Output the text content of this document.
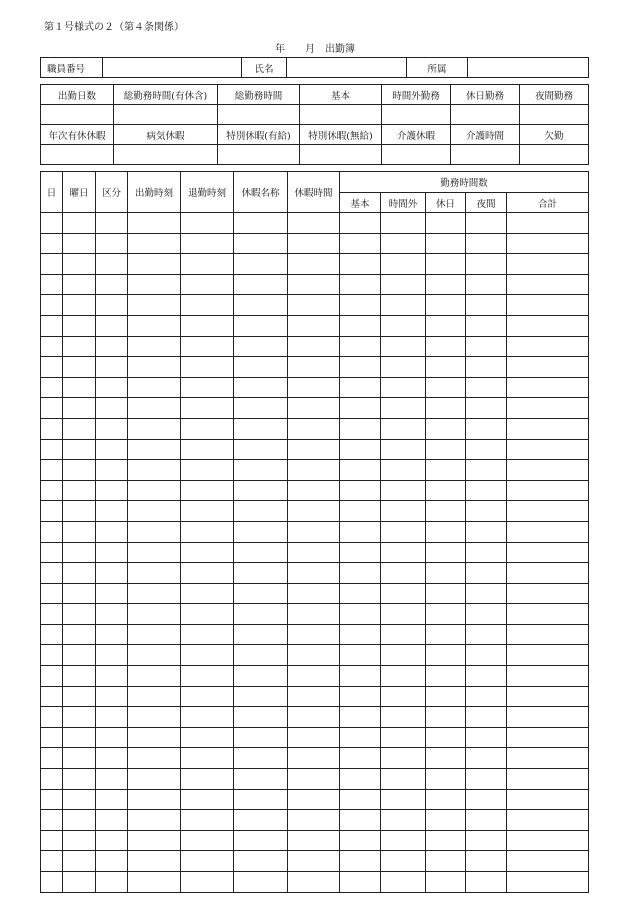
第１号様式の２（第４条関係）
年　　月　出勤簿
職員番号		氏名		所属	
出勤日数	総勤務時間(有休含)	総勤務時間	基本	時間外勤務	休日勤務	夜間勤務

年次有休休暇	病気休暇	特別休暇(有給)	特別休暇(無給)	介護休暇	介護時間	欠勤

日	曜日	区分	出勤時刻	退勤時刻	休暇名称	休暇時間	勤務時間数				
							基本	時間外	休日	夜間	合計
